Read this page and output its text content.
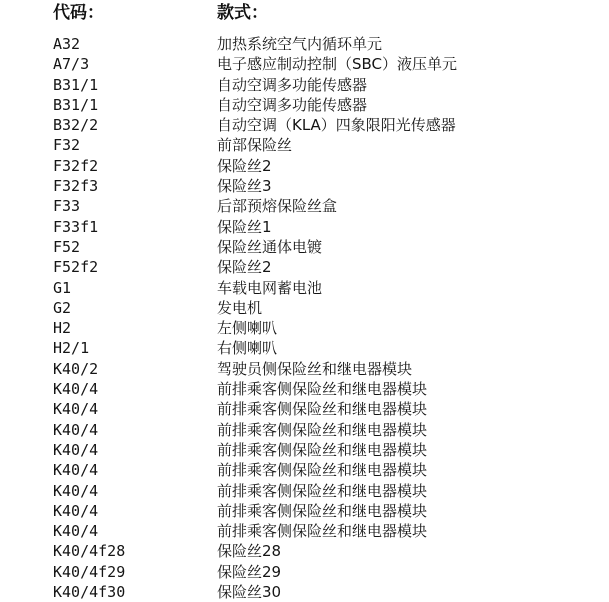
代码：	款式：
A32	加热系统空气内循环单元
A7/3	电子感应制动控制（SBC）液压单元
B31/1	自动空调多功能传感器
B31/1	自动空调多功能传感器
B32/2	自动空调（KLA）四象限阳光传感器
F32	前部保险丝
F32f2	保险丝2
F32f3	保险丝3
F33	后部预熔保险丝盒
F33f1	保险丝1
F52	保险丝通体电镀
F52f2	保险丝2
G1	车载电网蓄电池
G2	发电机
H2	左侧喇叭
H2/1	右侧喇叭
K40/2	驾驶员侧保险丝和继电器模块
K40/4	前排乘客侧保险丝和继电器模块
K40/4	前排乘客侧保险丝和继电器模块
K40/4	前排乘客侧保险丝和继电器模块
K40/4	前排乘客侧保险丝和继电器模块
K40/4	前排乘客侧保险丝和继电器模块
K40/4	前排乘客侧保险丝和继电器模块
K40/4	前排乘客侧保险丝和继电器模块
K40/4	前排乘客侧保险丝和继电器模块
K40/4f28	保险丝28
K40/4f29	保险丝29
K40/4f30	保险丝30
